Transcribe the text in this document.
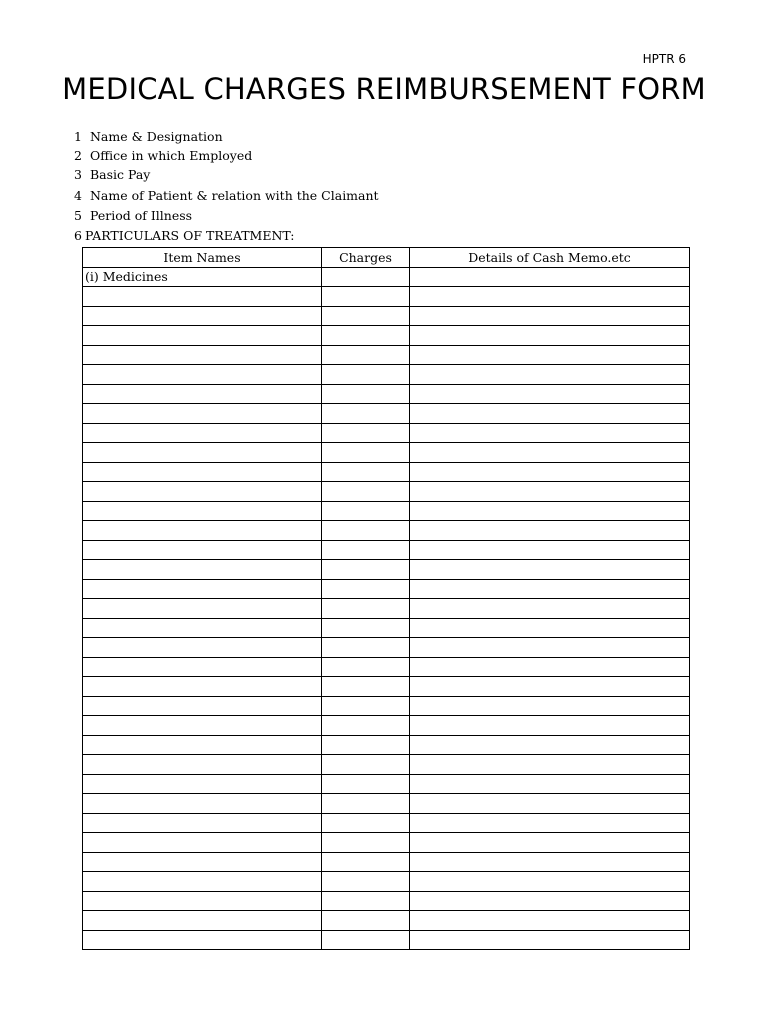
HPTR 6
MEDICAL CHARGES REIMBURSEMENT FORM
1 Name & Designation
2 Office in which Employed
3 Basic Pay
4 Name of Patient & relation with the Claimant
5 Period of Illness
6 PARTICULARS OF TREATMENT:
Item Names	Charges	Details of Cash Memo.etc
(i) Medicines		
